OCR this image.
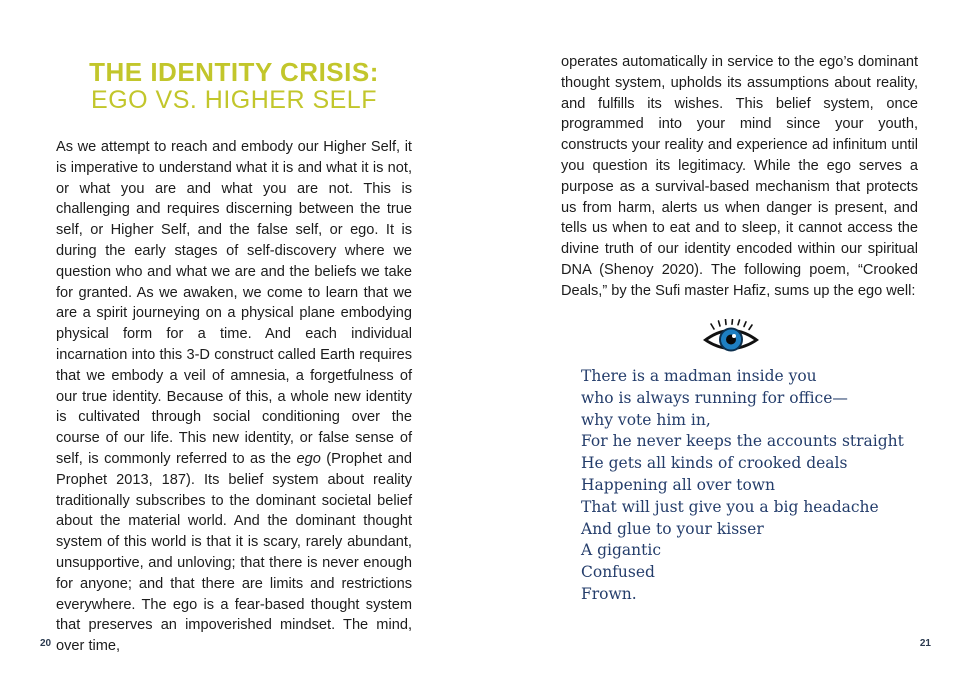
THE IDENTITY CRISIS:
EGO VS. HIGHER SELF
As we attempt to reach and embody our Higher Self, it is imperative to understand what it is and what it is not, or what you are and what you are not. This is challenging and requires discerning between the true self, or Higher Self, and the false self, or ego. It is during the early stages of self-discovery where we question who and what we are and the beliefs we take for granted. As we awaken, we come to learn that we are a spirit journeying on a physical plane embodying physical form for a time. And each individual incarnation into this 3-D construct called Earth requires that we embody a veil of amnesia, a forgetfulness of our true identity. Because of this, a whole new identity is cultivated through social conditioning over the course of our life. This new identity, or false sense of self, is commonly referred to as the ego (Prophet and Prophet 2013, 187). Its belief system about reality traditionally subscribes to the dominant societal belief about the material world. And the dominant thought system of this world is that it is scary, rarely abundant, unsupportive, and unloving; that there is never enough for anyone; and that there are limits and restrictions everywhere. The ego is a fear-based thought system that preserves an impoverished mindset. The mind, over time,
20
operates automatically in service to the ego’s dominant thought system, upholds its assumptions about reality, and fulfills its wishes. This belief system, once programmed into your mind since your youth, constructs your reality and experience ad infinitum until you question its legitimacy. While the ego serves a purpose as a survival-based mechanism that protects us from harm, alerts us when danger is present, and tells us when to eat and to sleep, it cannot access the divine truth of our identity encoded within our spiritual DNA (Shenoy 2020). The following poem, “Crooked Deals,” by the Sufi master Hafiz, sums up the ego well:
There is a madman inside you
who is always running for office—
why vote him in,
For he never keeps the accounts straight
He gets all kinds of crooked deals
Happening all over town
That will just give you a big headache
And glue to your kisser
A gigantic
Confused
Frown.
21
